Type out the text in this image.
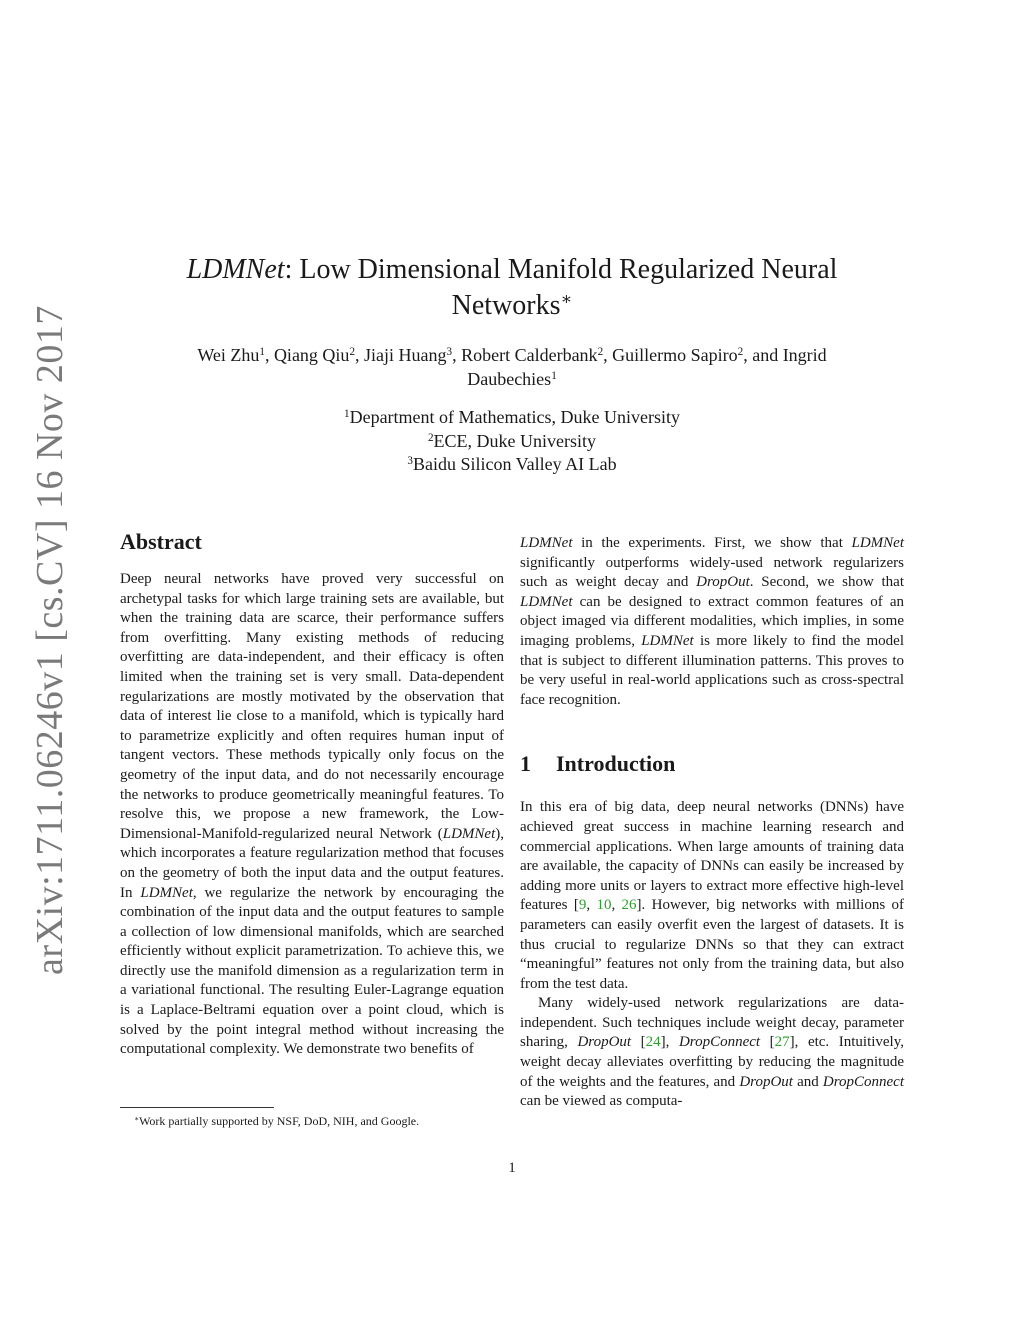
arXiv:1711.06246v1 [cs.CV] 16 Nov 2017
LDMNet: Low Dimensional Manifold Regularized Neural
Networks∗
Wei Zhu$^1$, Qiang Qiu$^2$, Jiaji Huang$^3$, Robert Calderbank$^2$, Guillermo Sapiro$^2$, and Ingrid
Daubechies$^1$
$^1$Department of Mathematics, Duke University
$^2$ECE, Duke University
$^3$Baidu Silicon Valley AI Lab
Abstract

Deep neural networks have proved very successful on archetypal tasks for which large training sets are available, but when the training data are scarce, their performance suffers from overfitting. Many existing methods of reducing overfitting are data-independent, and their efficacy is often limited when the training set is very small. Data-dependent regularizations are mostly motivated by the observation that data of interest lie close to a manifold, which is typically hard to parametrize explicitly and often requires human input of tangent vectors. These methods typically only focus on the geometry of the input data, and do not necessarily encourage the networks to produce geometrically meaningful features. To resolve this, we propose a new framework, the Low-Dimensional-Manifold-regularized neural Network (LDMNet), which incorporates a feature regularization method that focuses on the geometry of both the input data and the output features. In LDMNet, we regularize the network by encouraging the combination of the input data and the output features to sample a collection of low dimensional manifolds, which are searched efficiently without explicit parametrization. To achieve this, we directly use the manifold dimension as a regularization term in a variational functional. The resulting Euler-Lagrange equation is a Laplace-Beltrami equation over a point cloud, which is solved by the point integral method without increasing the computational complexity. We demonstrate two benefits of

LDMNet in the experiments. First, we show that LDMNet significantly outperforms widely-used network regularizers such as weight decay and DropOut. Second, we show that LDMNet can be designed to extract common features of an object imaged via different modalities, which implies, in some imaging problems, LDMNet is more likely to find the model that is subject to different illumination patterns. This proves to be very useful in real-world applications such as cross-spectral face recognition.

1 Introduction

In this era of big data, deep neural networks (DNNs) have achieved great success in machine learning research and commercial applications. When large amounts of training data are available, the capacity of DNNs can easily be increased by adding more units or layers to extract more effective high-level features [9, 10, 26]. However, big networks with millions of parameters can easily overfit even the largest of datasets. It is thus crucial to regularize DNNs so that they can extract “meaningful” features not only from the training data, but also from the test data.

Many widely-used network regularizations are data-independent. Such techniques include weight decay, parameter sharing, DropOut [24], DropConnect [27], etc. Intuitively, weight decay alleviates overfitting by reducing the magnitude of the weights and the features, and DropOut and DropConnect can be viewed as computa-

∗Work partially supported by NSF, DoD, NIH, and Google.
1
